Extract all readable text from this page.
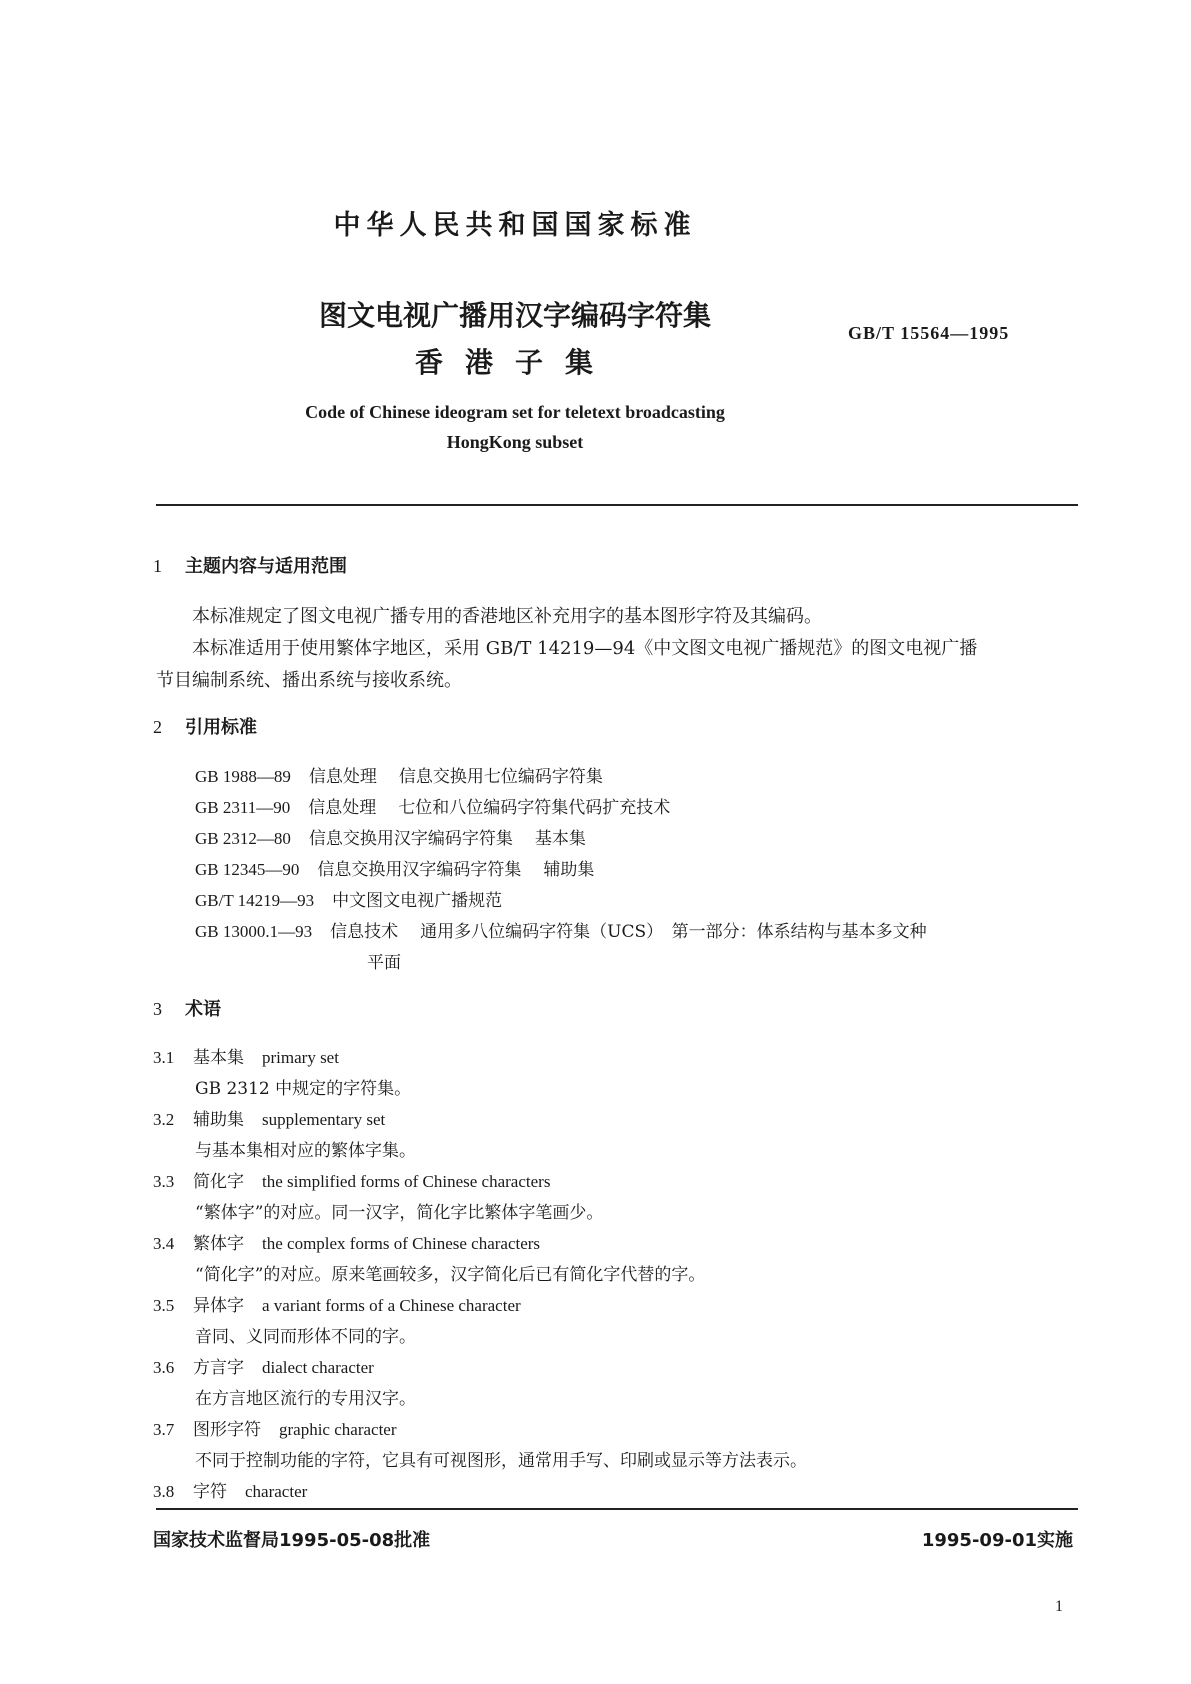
中华人民共和国国家标准
图文电视广播用汉字编码字符集
香港子集
GB/T 15564—1995
Code of Chinese ideogram set for teletext broadcasting
HongKong subset
1 主题内容与适用范围
本标准规定了图文电视广播专用的香港地区补充用字的基本图形字符及其编码。
本标准适用于使用繁体字地区，采用 GB/T 14219—94《中文图文电视广播规范》的图文电视广播
节目编制系统、播出系统与接收系统。
2 引用标准
GB 1988—89 信息处理 信息交换用七位编码字符集
GB 2311—90 信息处理 七位和八位编码字符集代码扩充技术
GB 2312—80 信息交换用汉字编码字符集 基本集
GB 12345—90 信息交换用汉字编码字符集 辅助集
GB/T 14219—93 中文图文电视广播规范
GB 13000.1—93 信息技术 通用多八位编码字符集（UCS）　第一部分：体系结构与基本多文种
平面
3 术语
3.1 基本集 primary set
GB 2312 中规定的字符集。
3.2 辅助集 supplementary set
与基本集相对应的繁体字集。
3.3 简化字 the simplified forms of Chinese characters
“繁体字”的对应。同一汉字，简化字比繁体字笔画少。
3.4 繁体字 the complex forms of Chinese characters
“简化字”的对应。原来笔画较多，汉字简化后已有简化字代替的字。
3.5 异体字 a variant forms of a Chinese character
音同、义同而形体不同的字。
3.6 方言字 dialect character
在方言地区流行的专用汉字。
3.7 图形字符 graphic character
不同于控制功能的字符，它具有可视图形，通常用手写、印刷或显示等方法表示。
3.8 字符 character
国家技术监督局1995-05-08批准	1995-09-01实施
1
